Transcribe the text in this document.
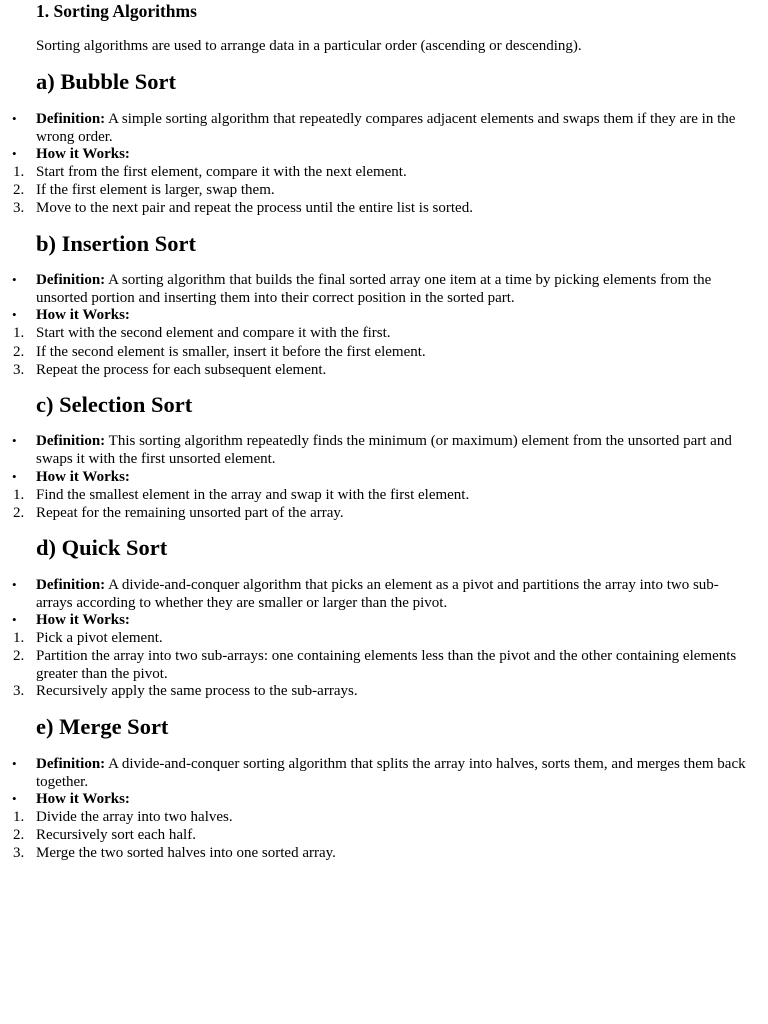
1. Sorting Algorithms

Sorting algorithms are used to arrange data in a particular order (ascending or descending).

a) Bubble Sort
•	Definition: A simple sorting algorithm that repeatedly compares adjacent elements and swaps them if they are in the wrong order.
•	How it Works:
1. Start from the first element, compare it with the next element.
2. If the first element is larger, swap them.
3. Move to the next pair and repeat the process until the entire list is sorted.
b) Insertion Sort
•	Definition: A sorting algorithm that builds the final sorted array one item at a time by picking elements from the unsorted portion and inserting them into their correct position in the sorted part.
•	How it Works:
1. Start with the second element and compare it with the first.
2. If the second element is smaller, insert it before the first element.
3. Repeat the process for each subsequent element.
c) Selection Sort
•	Definition: This sorting algorithm repeatedly finds the minimum (or maximum) element from the unsorted part and swaps it with the first unsorted element.
•	How it Works:
1. Find the smallest element in the array and swap it with the first element.
2. Repeat for the remaining unsorted part of the array.
d) Quick Sort
•	Definition: A divide-and-conquer algorithm that picks an element as a pivot and partitions the array into two sub-arrays according to whether they are smaller or larger than the pivot.
•	How it Works:
1. Pick a pivot element.
2. Partition the array into two sub-arrays: one containing elements less than the pivot and the other containing elements greater than the pivot.
3. Recursively apply the same process to the sub-arrays.
e) Merge Sort
•	Definition: A divide-and-conquer sorting algorithm that splits the array into halves, sorts them, and merges them back together.
•	How it Works:
1. Divide the array into two halves.
2. Recursively sort each half.
3. Merge the two sorted halves into one sorted array.
